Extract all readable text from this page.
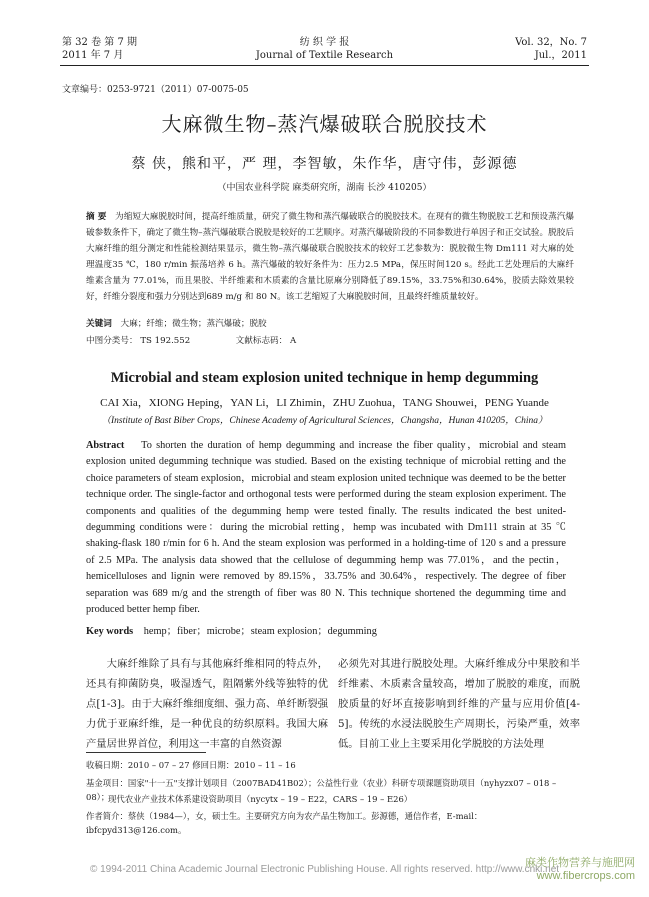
第 32 卷 第 7 期
2011 年 7 月
纺 织 学 报
Journal of Textile Research
Vol. 32，No. 7
Jul.，2011
文章编号：0253-9721（2011）07-0075-05
大麻微生物–蒸汽爆破联合脱胶技术
蔡 侠，熊和平，严 理，李智敏，朱作华，唐守伟，彭源德
（中国农业科学院 麻类研究所，湖南 长沙 410205）
摘 要 为缩短大麻脱胶时间，提高纤维质量，研究了微生物和蒸汽爆破联合的脱胶技术。在现有的微生物脱胶工艺和预设蒸汽爆破参数条件下，确定了微生物–蒸汽爆破联合脱胶是较好的工艺顺序。对蒸汽爆破阶段的不同参数进行单因子和正交试验。脱胶后大麻纤维的组分测定和性能检测结果显示，微生物–蒸汽爆破联合脱胶技术的较好工艺参数为：脱胶微生物 Dm111 对大麻的处理温度35 ℃，180 r/min 振荡培养 6 h。蒸汽爆破的较好条件为：压力2.5 MPa，保压时间120 s。经此工艺处理后的大麻纤维素含量为 77.01%，而且果胶、半纤维素和木质素的含量比原麻分别降低了89.15%，33.75%和30.64%，胶质去除效果较好，纤维分裂度和强力分别达到689 m/g 和 80 N。该工艺缩短了大麻脱胶时间，且最终纤维质量较好。
关键词 大麻；纤维；微生物；蒸汽爆破；脱胶
中图分类号： TS 192.552	文献标志码： A
Microbial and steam explosion united technique in hemp degumming
CAI Xia，XIONG Heping，YAN Li，LI Zhimin，ZHU Zuohua，TANG Shouwei，PENG Yuande
（Institute of Bast Biber Crops，Chinese Academy of Agricultural Sciences，Changsha，Hunan 410205，China）
Abstract To shorten the duration of hemp degumming and increase the fiber quality，microbial and steam explosion united degumming technique was studied. Based on the existing technique of microbial retting and the choice parameters of steam explosion，microbial and steam explosion united technique was deemed to be the better technique order. The single-factor and orthogonal tests were performed during the steam explosion experiment. The components and qualities of the degumming hemp were tested finally. The results indicated the best united-degumming conditions were：during the microbial retting，hemp was incubated with Dm111 strain at 35 ℃ shaking-flask 180 r/min for 6 h. And the steam explosion was performed in a holding-time of 120 s and a pressure of 2.5 MPa. The analysis data showed that the cellulose of degumming hemp was 77.01%，and the pectin，hemicelluloses and lignin were removed by 89.15%，33.75% and 30.64%，respectively. The degree of fiber separation was 689 m/g and the strength of fiber was 80 N. This technique shortened the degumming time and produced better hemp fiber.
Key words hemp；fiber；microbe；steam explosion；degumming
大麻纤维除了具有与其他麻纤维相同的特点外，还具有抑菌防臭，吸湿透气，阻隔紫外线等独特的优点[1-3]。由于大麻纤维细度细、强力高、单纤断裂强力优于亚麻纤维，是一种优良的纺织原料。我国大麻产量居世界首位，利用这一丰富的自然资源
必须先对其进行脱胶处理。大麻纤维成分中果胶和半纤维素、木质素含量较高，增加了脱胶的难度，而脱胶质量的好坏直接影响到纤维的产量与应用价值[4-5]。传统的水浸法脱胶生产周期长，污染严重，效率低。目前工业上主要采用化学脱胶的方法处理
收稿日期：2010 – 07 – 27 修回日期：2010 – 11 – 16
基金项目：国家"十一五"支撑计划项目（2007BAD41B02）；公益性行业（农业）科研专项课题资助项目（nyhyzx07 – 018 – 08）；
现代农业产业技术体系建设资助项目（nycytx – 19 – E22，CARS – 19 – E26）
作者简介：蔡侠（1984—），女，硕士生。主要研究方向为农产品生物加工。彭源德，通信作者，E-mail：ibfcpyd313@126.com。
© 1994-2011 China Academic Journal Electronic Publishing House. All rights reserved. http://www.cnki.net
麻类作物营养与施肥网
www.fibercrops.com
